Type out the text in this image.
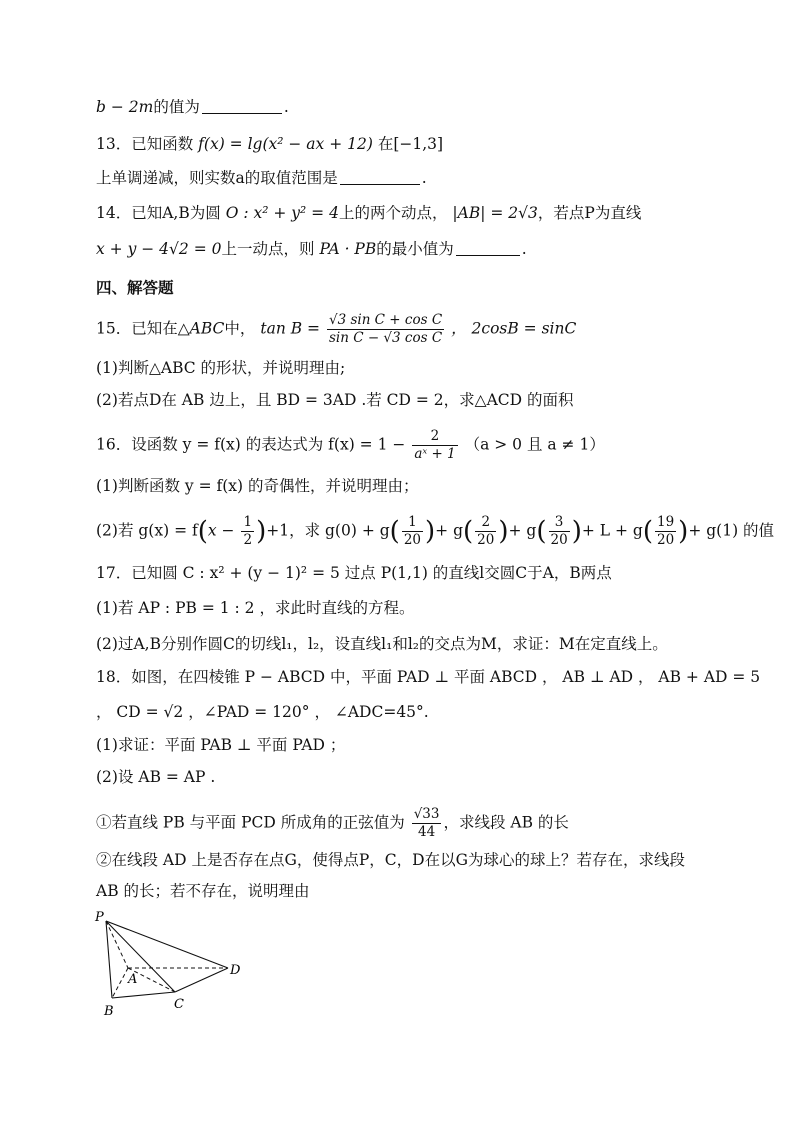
b − 2m的值为	.
13．已知函数 f(x) = lg(x² − ax + 12) 在[−1,3]
上单调递减，则实数a的取值范围是	.
14．已知A,B为圆 O : x² + y² = 4上的两个动点， |AB| = 2√3，若点P为直线
x + y − 4√2 = 0上一动点，则 PA · PB的最小值为	.
四、解答题
15．已知在△ABC中， $\tan B = \frac{\text{√3 sin C + cos C}}{\text{sin C − √3 cos C}}$ ， 2cosB = sinC
(1)判断△ABC 的形状，并说明理由;
(2)若点D在 AB 边上，且 BD = 3AD .若 CD = 2，求△ACD 的面积
16．设函数 y = f(x) 的表达式为 $f(x) = 1 - \frac{2}{\text{aˣ + 1}} (a > 0$ 且 a ≠ 1）
(1)判断函数 y = f(x) 的奇偶性，并说明理由；
(2)若 $g(x) = f(x - \frac{1}{2} )+1$，求 $g(0) + g( \frac{1}{20}$ )+ $g( \frac{2}{20}$ )+ $g( \frac{3}{20}$ )+ $L + g( \frac{19}{20}$ )+ g(1) 的值
17．已知圆 C : x² + (y − 1)² = 5 过点 P(1,1) 的直线l交圆C于A，B两点
(1)若 AP : PB = 1 : 2 ，求此时直线的方程。
(2)过A,B分别作圆C的切线l₁，l₂，设直线l₁和l₂的交点为M，求证：M在定直线上。
18．如图，在四棱锥 P − ABCD 中，平面 PAD ⊥ 平面 ABCD ， AB ⊥ AD ， AB + AD = 5
， CD = √2 ，∠PAD = 120° ， ∠ADC=45°.
(1)求证：平面 PAB ⊥ 平面 PAD ；
(2)设 AB = AP .
①若直线 PB 与平面 PCD 所成角的正弦值为 $\frac{√33}{44}$ ，求线段 AB 的长
②在线段 AD 上是否存在点G，使得点P，C，D在以G为球心的球上？若存在，求线段
AB 的长；若不存在，说明理由
P
A
B	C
D
